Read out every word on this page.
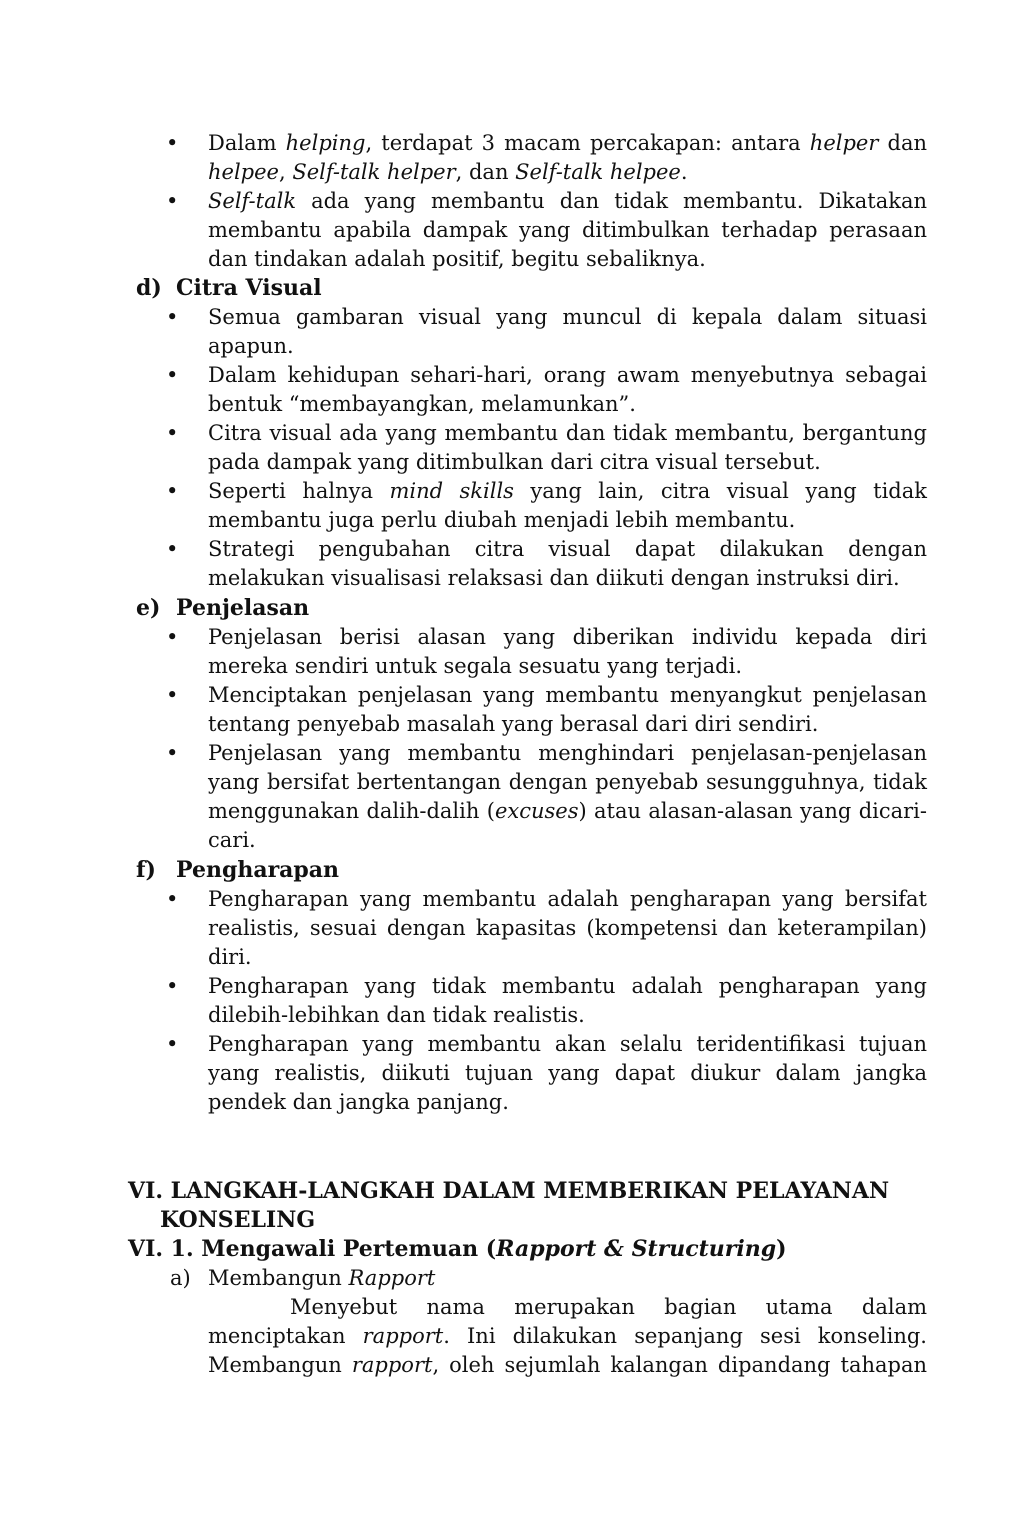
• Dalam helping, terdapat 3 macam percakapan: antara helper dan
helpee, Self-talk helper, dan Self-talk helpee.
• Self-talk ada yang membantu dan tidak membantu. Dikatakan
membantu apabila dampak yang ditimbulkan terhadap perasaan
dan tindakan adalah positif, begitu sebaliknya.
d) Citra Visual
• Semua gambaran visual yang muncul di kepala dalam situasi
apapun.
• Dalam kehidupan sehari-hari, orang awam menyebutnya sebagai
bentuk “membayangkan, melamunkan”.
• Citra visual ada yang membantu dan tidak membantu, bergantung
pada dampak yang ditimbulkan dari citra visual tersebut.
• Seperti halnya mind skills yang lain, citra visual yang tidak
membantu juga perlu diubah menjadi lebih membantu.
• Strategi pengubahan citra visual dapat dilakukan dengan
melakukan visualisasi relaksasi dan diikuti dengan instruksi diri.
e) Penjelasan
• Penjelasan berisi alasan yang diberikan individu kepada diri
mereka sendiri untuk segala sesuatu yang terjadi.
• Menciptakan penjelasan yang membantu menyangkut penjelasan
tentang penyebab masalah yang berasal dari diri sendiri.
• Penjelasan yang membantu menghindari penjelasan-penjelasan
yang bersifat bertentangan dengan penyebab sesungguhnya, tidak
menggunakan dalih-dalih (excuses) atau alasan-alasan yang dicari-
cari.
f) Pengharapan
• Pengharapan yang membantu adalah pengharapan yang bersifat
realistis, sesuai dengan kapasitas (kompetensi dan keterampilan)
diri.
• Pengharapan yang tidak membantu adalah pengharapan yang
dilebih-lebihkan dan tidak realistis.
• Pengharapan yang membantu akan selalu teridentifikasi tujuan
yang realistis, diikuti tujuan yang dapat diukur dalam jangka
pendek dan jangka panjang.
VI. LANGKAH-LANGKAH DALAM MEMBERIKAN PELAYANAN
KONSELING
VI. 1. Mengawali Pertemuan (Rapport & Structuring)
a) Membangun Rapport
Menyebut nama merupakan bagian utama dalam
menciptakan rapport. Ini dilakukan sepanjang sesi konseling.
Membangun rapport, oleh sejumlah kalangan dipandang tahapan
